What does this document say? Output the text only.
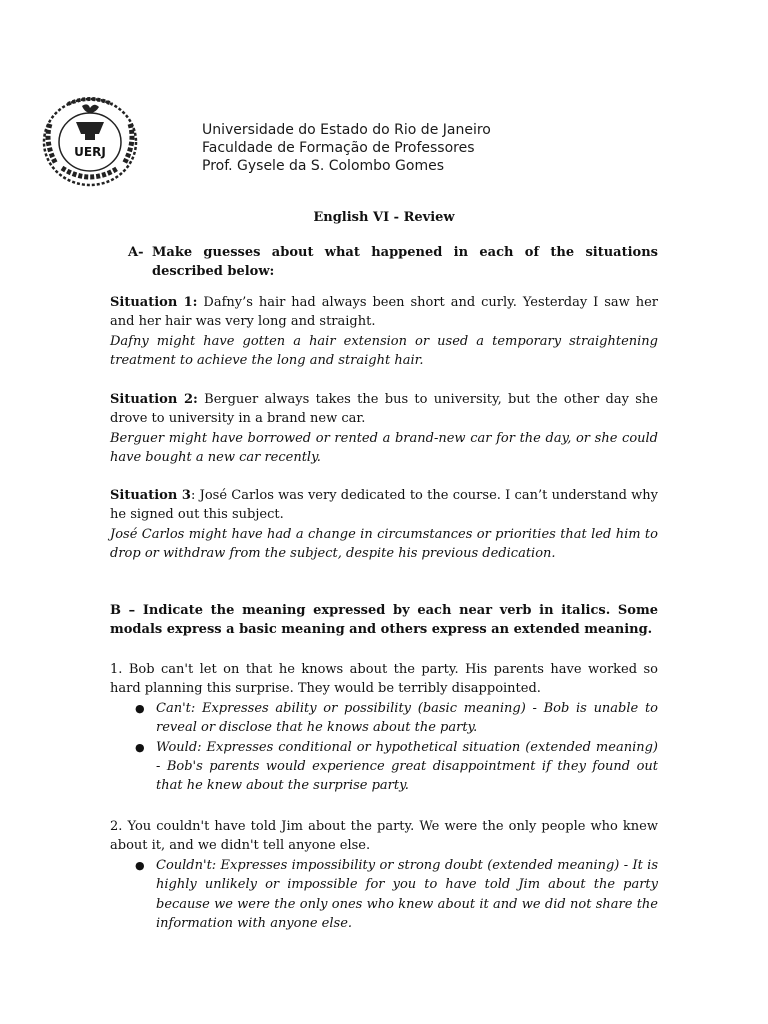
UERJ
Universidade do Estado do Rio de Janeiro
Faculdade de Formação de Professores
Prof. Gysele da S. Colombo Gomes
English VI - Review
A- Make guesses about what happened in each of the situations described below:
Situation 1: Dafny’s hair had always been short and curly. Yesterday I saw her and her hair was very long and straight.
Dafny might have gotten a hair extension or used a temporary straightening treatment to achieve the long and straight hair.
Situation 2: Berguer always takes the bus to university, but the other day she drove to university in a brand new car.
Berguer might have borrowed or rented a brand-new car for the day, or she could have bought a new car recently.
Situation 3: José Carlos was very dedicated to the course. I can’t understand why he signed out this subject.
José Carlos might have had a change in circumstances or priorities that led him to drop or withdraw from the subject, despite his previous dedication.
B – Indicate the meaning expressed by each near verb in italics. Some modals express a basic meaning and others express an extended meaning.
1. Bob can't let on that he knows about the party. His parents have worked so hard planning this surprise. They would be terribly disappointed.
● Can't: Expresses ability or possibility (basic meaning) - Bob is unable to reveal or disclose that he knows about the party.
● Would: Expresses conditional or hypothetical situation (extended meaning) - Bob's parents would experience great disappointment if they found out that he knew about the surprise party.
2. You couldn't have told Jim about the party. We were the only people who knew about it, and we didn't tell anyone else.
● Couldn't: Expresses impossibility or strong doubt (extended meaning) - It is highly unlikely or impossible for you to have told Jim about the party because we were the only ones who knew about it and we did not share the information with anyone else.
